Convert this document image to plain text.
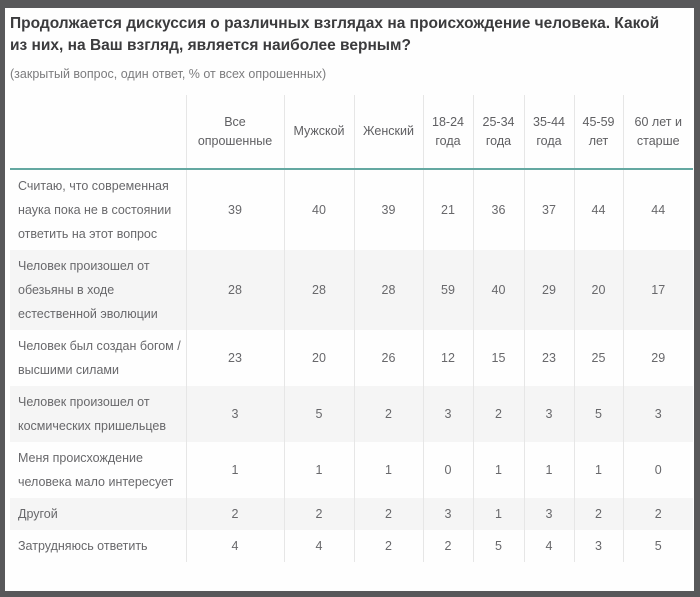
Продолжается дискуссия о различных взглядах на происхождение человека. Какой из них, на Ваш взгляд, является наиболее верным?

(закрытый вопрос, один ответ, % от всех опрошенных)

	Все опрошенные	Мужской	Женский	18-24 года	25-34 года	35-44 года	45-59 лет	60 лет и старше
Считаю, что современная наука пока не в состоянии ответить на этот вопрос	39	40	39	21	36	37	44	44
Человек произошел от обезьяны в ходе естественной эволюции	28	28	28	59	40	29	20	17
Человек был создан богом / высшими силами	23	20	26	12	15	23	25	29
Человек произошел от космических пришельцев	3	5	2	3	2	3	5	3
Меня происхождение человека мало интересует	1	1	1	0	1	1	1	0
Другой	2	2	2	3	1	3	2	2
Затрудняюсь ответить	4	4	2	2	5	4	3	5
